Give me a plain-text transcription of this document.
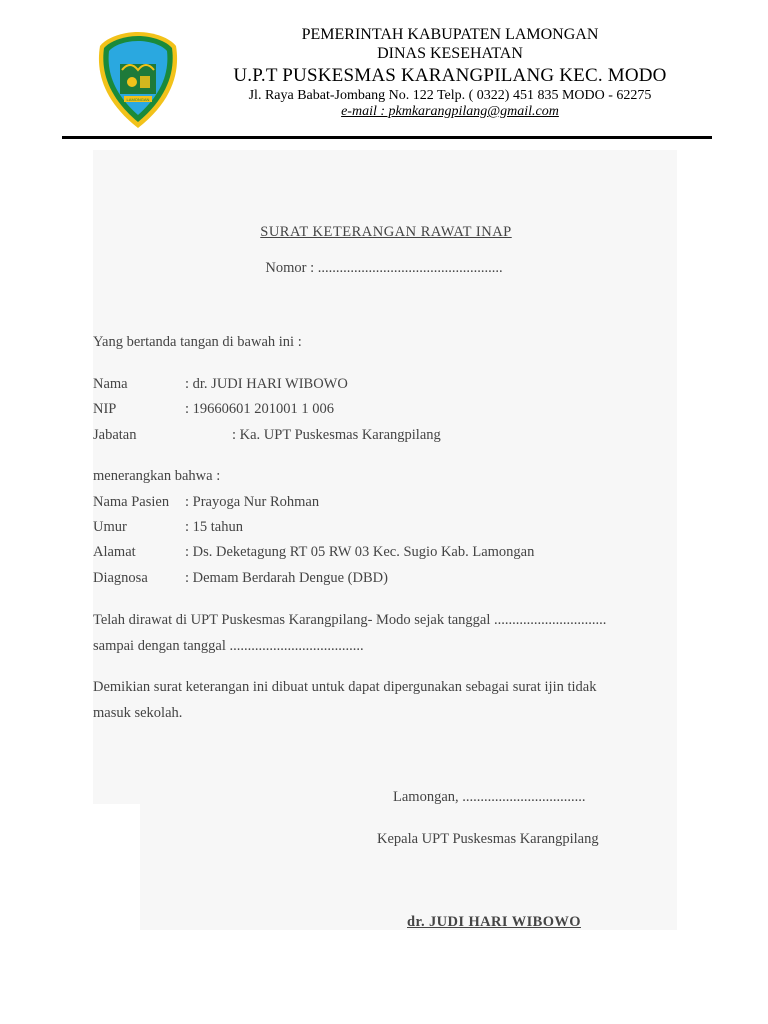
LAMONGAN
PEMERINTAH KABUPATEN LAMONGAN
DINAS KESEHATAN
U.P.T PUSKESMAS KARANGPILANG KEC. MODO
Jl. Raya Babat-Jombang No. 122 Telp. ( 0322) 451 835 MODO - 62275
e-mail : pkmkarangpilang@gmail.com
SURAT KETERANGAN RAWAT INAP
Nomor : ...................................................
Yang bertanda tangan di bawah ini :
Nama	: dr. JUDI HARI WIBOWO
NIP	: 19660601 201001 1 006
Jabatan	: Ka. UPT Puskesmas Karangpilang
menerangkan bahwa :
Nama Pasien : Prayoga Nur Rohman
Umur	: 15 tahun
Alamat	: Ds. Deketagung RT 05 RW 03 Kec. Sugio Kab. Lamongan
Diagnosa	: Demam Berdarah Dengue (DBD)
Telah dirawat di UPT Puskesmas Karangpilang- Modo sejak tanggal ...............................
sampai dengan tanggal .....................................
Demikian surat keterangan ini dibuat untuk dapat dipergunakan sebagai surat ijin tidak
masuk sekolah.
Lamongan, ..................................
Kepala UPT Puskesmas Karangpilang
dr. JUDI HARI WIBOWO
